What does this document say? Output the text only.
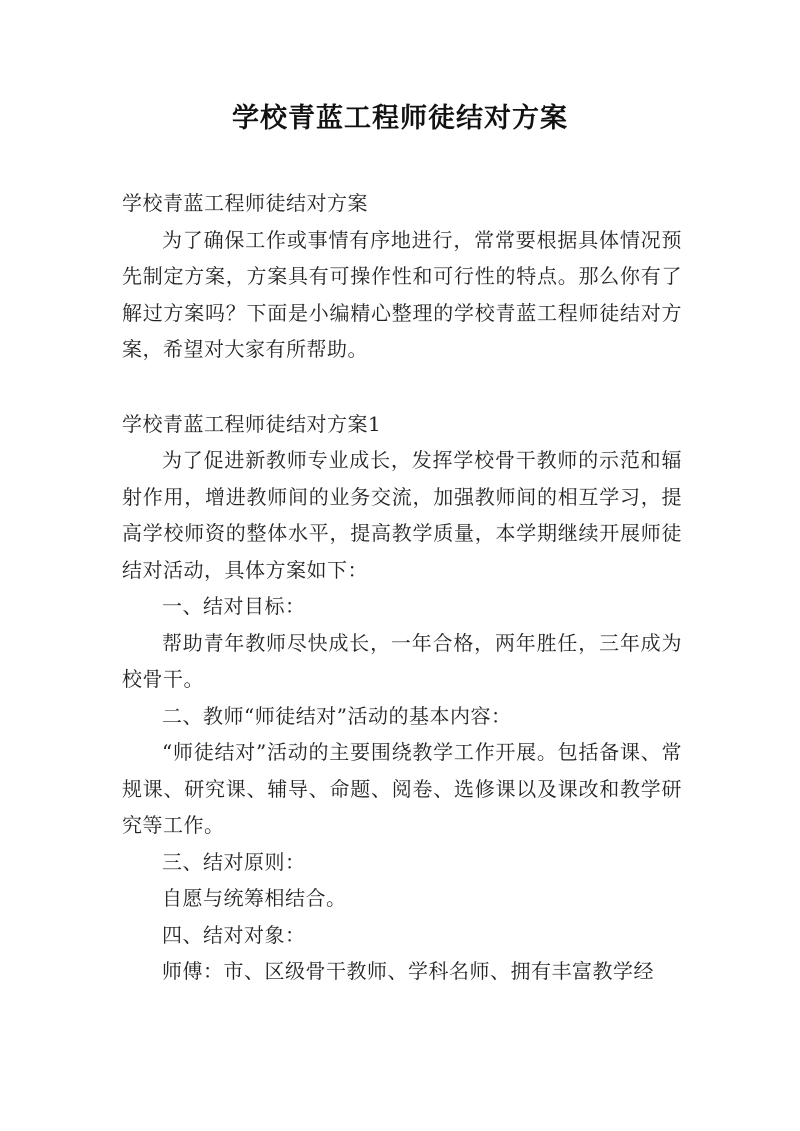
学校青蓝工程师徒结对方案

学校青蓝工程师徒结对方案

为了确保工作或事情有序地进行，常常要根据具体情况预先制定方案，方案具有可操作性和可行性的特点。那么你有了解过方案吗？下面是小编精心整理的学校青蓝工程师徒结对方案，希望对大家有所帮助。

学校青蓝工程师徒结对方案1

为了促进新教师专业成长，发挥学校骨干教师的示范和辐射作用，增进教师间的业务交流，加强教师间的相互学习，提高学校师资的整体水平，提高教学质量，本学期继续开展师徒结对活动，具体方案如下：

一、结对目标：

帮助青年教师尽快成长，一年合格，两年胜任，三年成为校骨干。

二、教师“师徒结对”活动的基本内容：

“师徒结对”活动的主要围绕教学工作开展。包括备课、常规课、研究课、辅导、命题、阅卷、选修课以及课改和教学研究等工作。

三、结对原则：

自愿与统筹相结合。

四、结对对象：

师傅：市、区级骨干教师、学科名师、拥有丰富教学经
